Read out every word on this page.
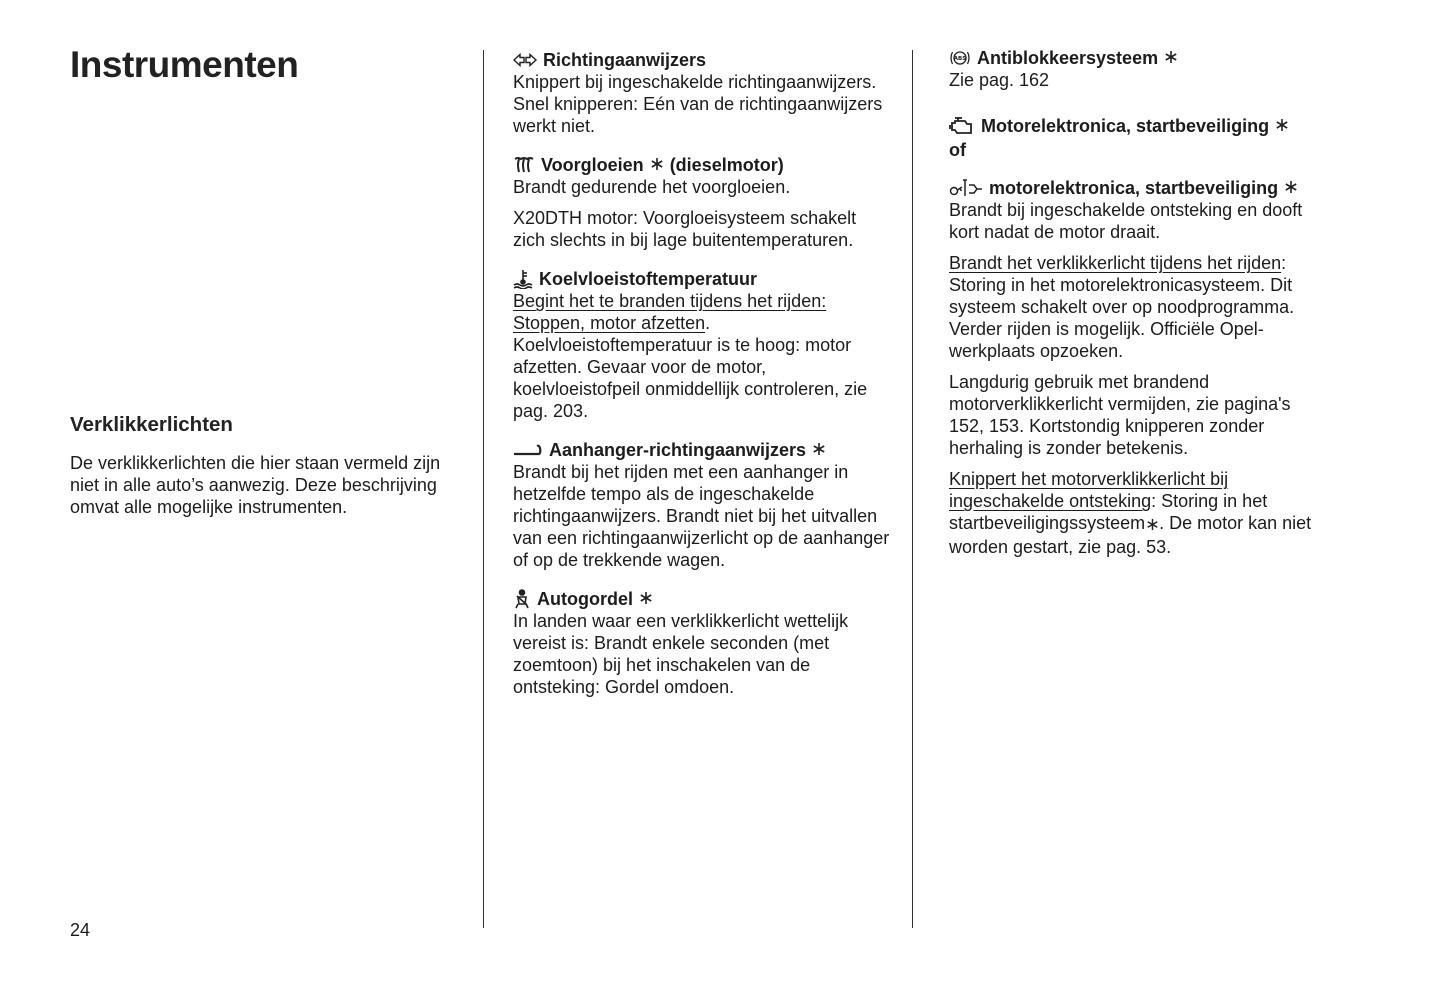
Instrumenten
Verklikkerlichten

De verklikkerlichten die hier staan vermeld zijn niet in alle auto’s aanwezig. Deze beschrijving omvat alle mogelijke instrumenten.

24
Richtingaanwijzers

Knippert bij ingeschakelde richtingaanwijzers.

Snel knipperen: Eén van de richtingaanwijzers werkt niet.

Voorgloeien (dieselmotor)

Brandt gedurende het voorgloeien.

X20DTH motor: Voorgloeisysteem schakelt zich slechts in bij lage buitentemperaturen.

Koelvloeistoftemperatuur

Begint het te branden tijdens het rijden: Stoppen, motor afzetten. Koelvloeistoftemperatuur is te hoog: motor afzetten. Gevaar voor de motor, koelvloeistofpeil onmiddellijk controleren, zie pag. 203.

Aanhanger-richtingaanwijzers

Brandt bij het rijden met een aanhanger in hetzelfde tempo als de ingeschakelde richtingaanwijzers. Brandt niet bij het uitvallen van een richtingaanwijzerlicht op de aanhanger of op de trekkende wagen.

Autogordel

In landen waar een verklikkerlicht wettelijk vereist is: Brandt enkele seconden (met zoemtoon) bij het inschakelen van de ontsteking: Gordel omdoen.

ABS Antiblokkeersysteem

Zie pag. 162

Motorelektronica, startbeveiliging
of
motorelektronica, startbeveiliging

Brandt bij ingeschakelde ontsteking en dooft kort nadat de motor draait.

Brandt het verklikkerlicht tijdens het rijden: Storing in het motorelektronicasysteem. Dit systeem schakelt over op noodprogramma. Verder rijden is mogelijk. Officiële Opel-werkplaats opzoeken.

Langdurig gebruik met brandend motorverklikkerlicht vermijden, zie pagina's 152, 153. Kortstondig knipperen zonder herhaling is zonder betekenis.

Knippert het motorverklikkerlicht bij ingeschakelde ontsteking: Storing in het startbeveiligingssysteem . De motor kan niet worden gestart, zie pag. 53.
